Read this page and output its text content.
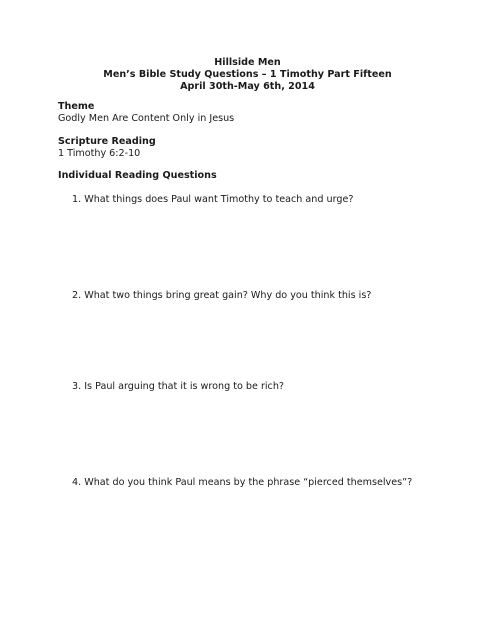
Hillside Men
Men’s Bible Study Questions – 1 Timothy Part Fifteen
April 30th-May 6th, 2014
Theme
Godly Men Are Content Only in Jesus
Scripture Reading
1 Timothy 6:2-10
Individual Reading Questions
1. What things does Paul want Timothy to teach and urge?
2. What two things bring great gain? Why do you think this is?
3. Is Paul arguing that it is wrong to be rich?
4. What do you think Paul means by the phrase “pierced themselves”?
